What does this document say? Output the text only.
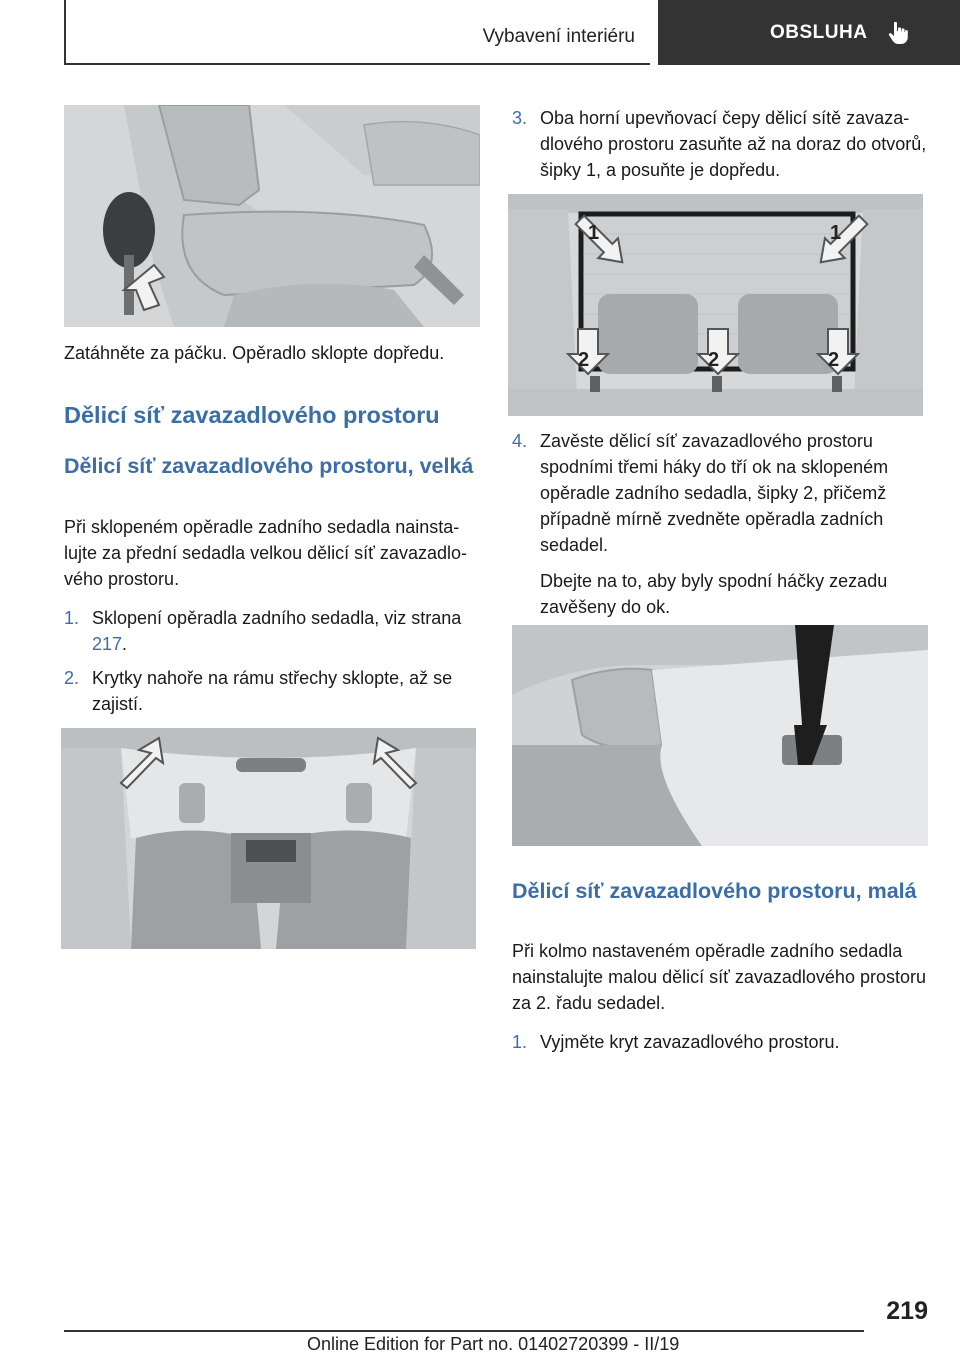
Vybavení interiéru	OBSLUHA
Zatáhněte za páčku. Opěradlo sklopte dopředu.
Dělicí síť zavazadlového prostoru
Dělicí síť zavazadlového prostoru, velká

Při sklopeném opěradle zadního sedadla nainstalujte za přední sedadla velkou dělicí síť zavazadlového prostoru.

1. Sklopení opěradla zadního sedadla, viz strana 217.
2. Krytky nahoře na rámu střechy sklopte, až se zajistí.
3. Oba horní upevňovací čepy dělicí sítě zavazadlového prostoru zasuňte až na doraz do otvorů, šipky 1, a posuňte je dopředu.
1	1
2	2	2
4. Zavěste dělicí síť zavazadlového prostoru spodními třemi háky do tří ok na sklopeném opěradle zadního sedadla, šipky 2, přičemž případně mírně zvedněte opěradla zadních sedadel.
Dbejte na to, aby byly spodní háčky zezadu zavěšeny do ok.
Dělicí síť zavazadlového prostoru, malá

Při kolmo nastaveném opěradle zadního sedadla nainstalujte malou dělicí síť zavazadlového prostoru za 2. řadu sedadel.

1. Vyjměte kryt zavazadlového prostoru.
219
Online Edition for Part no. 01402720399 - II/19
